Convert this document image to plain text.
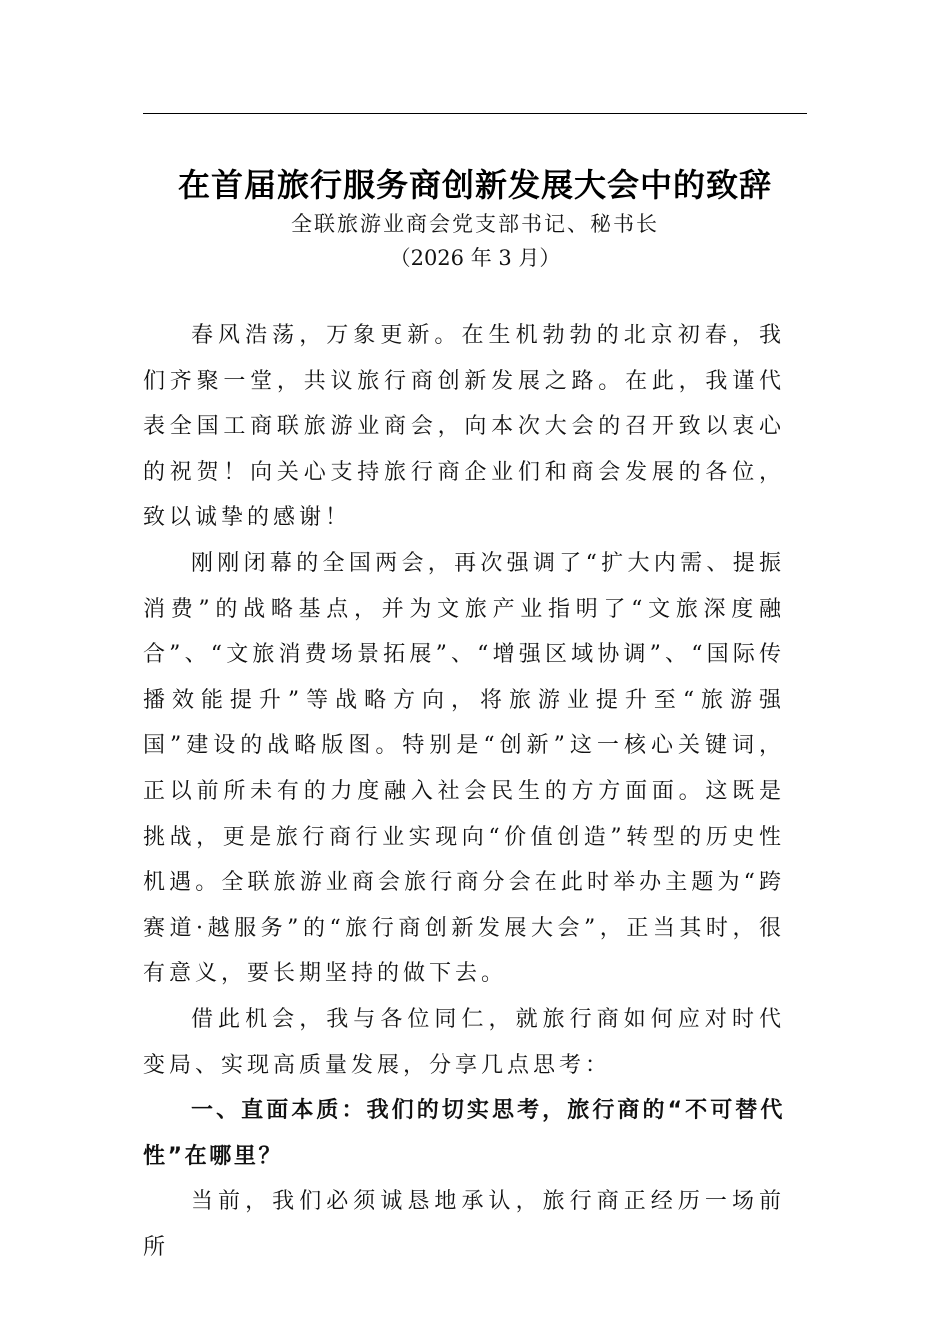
在首届旅行服务商创新发展大会中的致辞
全联旅游业商会党支部书记、秘书长
（2026 年 3 月）

春风浩荡，万象更新。在生机勃勃的北京初春，我们齐聚一堂，共议旅行商创新发展之路。在此，我谨代表全国工商联旅游业商会，向本次大会的召开致以衷心的祝贺！向关心支持旅行商企业们和商会发展的各位，致以诚挚的感谢！

刚刚闭幕的全国两会，再次强调了“扩大内需、提振消费”的战略基点，并为文旅产业指明了“文旅深度融合”、“文旅消费场景拓展”、“增强区域协调”、“国际传播效能提升”等战略方向，将旅游业提升至“旅游强国”建设的战略版图。特别是“创新”这一核心关键词，正以前所未有的力度融入社会民生的方方面面。这既是挑战，更是旅行商行业实现向“价值创造”转型的历史性机遇。全联旅游业商会旅行商分会在此时举办主题为“跨赛道·越服务”的“旅行商创新发展大会”，正当其时，很有意义，要长期坚持的做下去。

借此机会，我与各位同仁，就旅行商如何应对时代变局、实现高质量发展，分享几点思考：

一、直面本质：我们的切实思考，旅行商的“不可替代性”在哪里？

当前，我们必须诚恳地承认，旅行商正经历一场前所
